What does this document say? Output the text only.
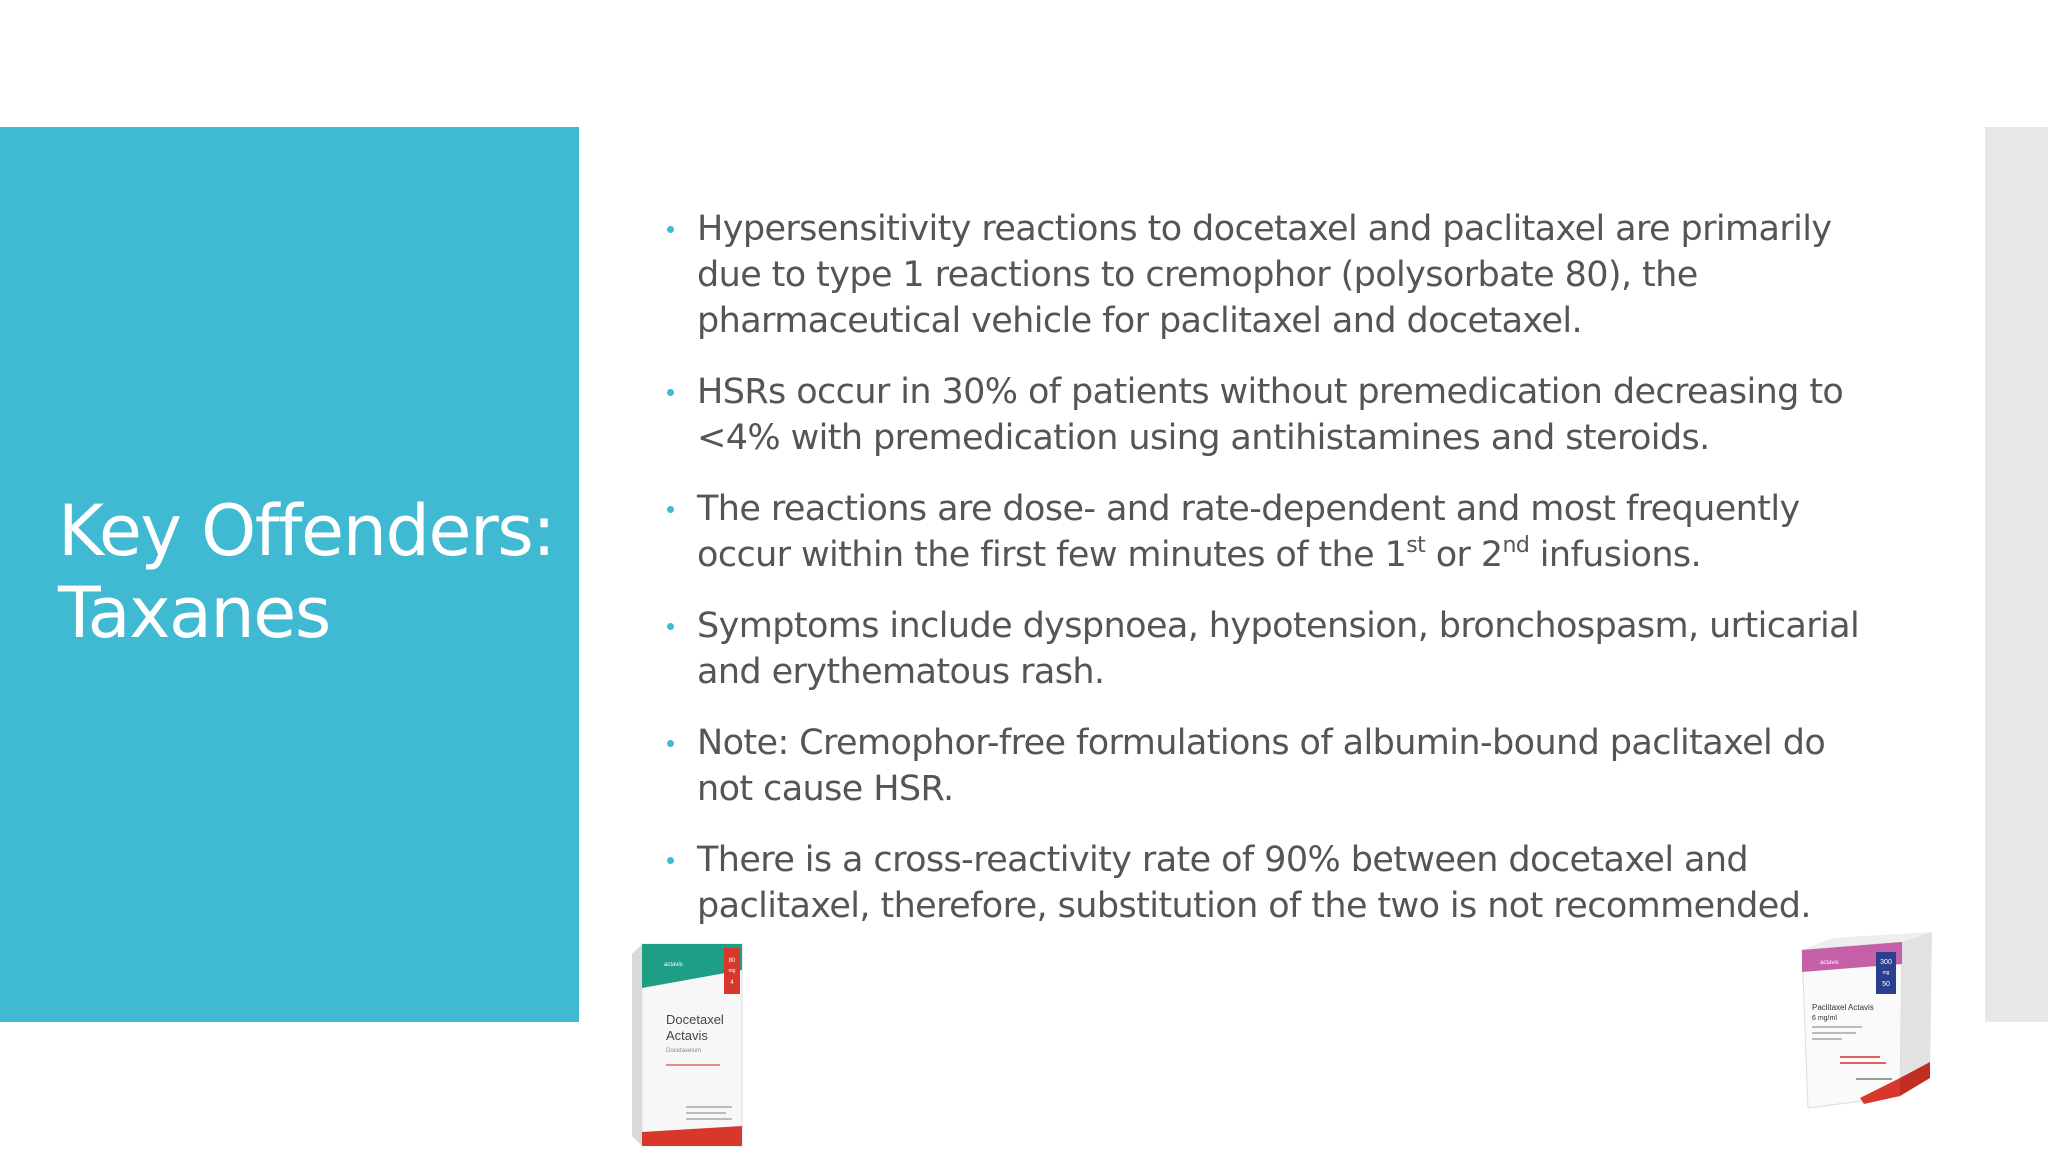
Key Offenders:
Taxanes
Hypersensitivity reactions to docetaxel and paclitaxel are primarily due to type 1 reactions to cremophor (polysorbate 80), the pharmaceutical vehicle for paclitaxel and docetaxel.
HSRs occur in 30% of patients without premedication decreasing to <4% with premedication using antihistamines and steroids.
The reactions are dose- and rate-dependent and most frequently occur within the first few minutes of the 1st or 2nd infusions.
Symptoms include dyspnoea, hypotension, bronchospasm, urticarial and erythematous rash.
Note: Cremophor-free formulations of albumin-bound paclitaxel do not cause HSR.
There is a cross-reactivity rate of 90% between docetaxel and paclitaxel, therefore, substitution of the two is not recommended.
80
mg
4
actavis
Docetaxel
Actavis
Docetaxelum
actavis	300
mg
50
Paclitaxel Actavis
6 mg/ml
